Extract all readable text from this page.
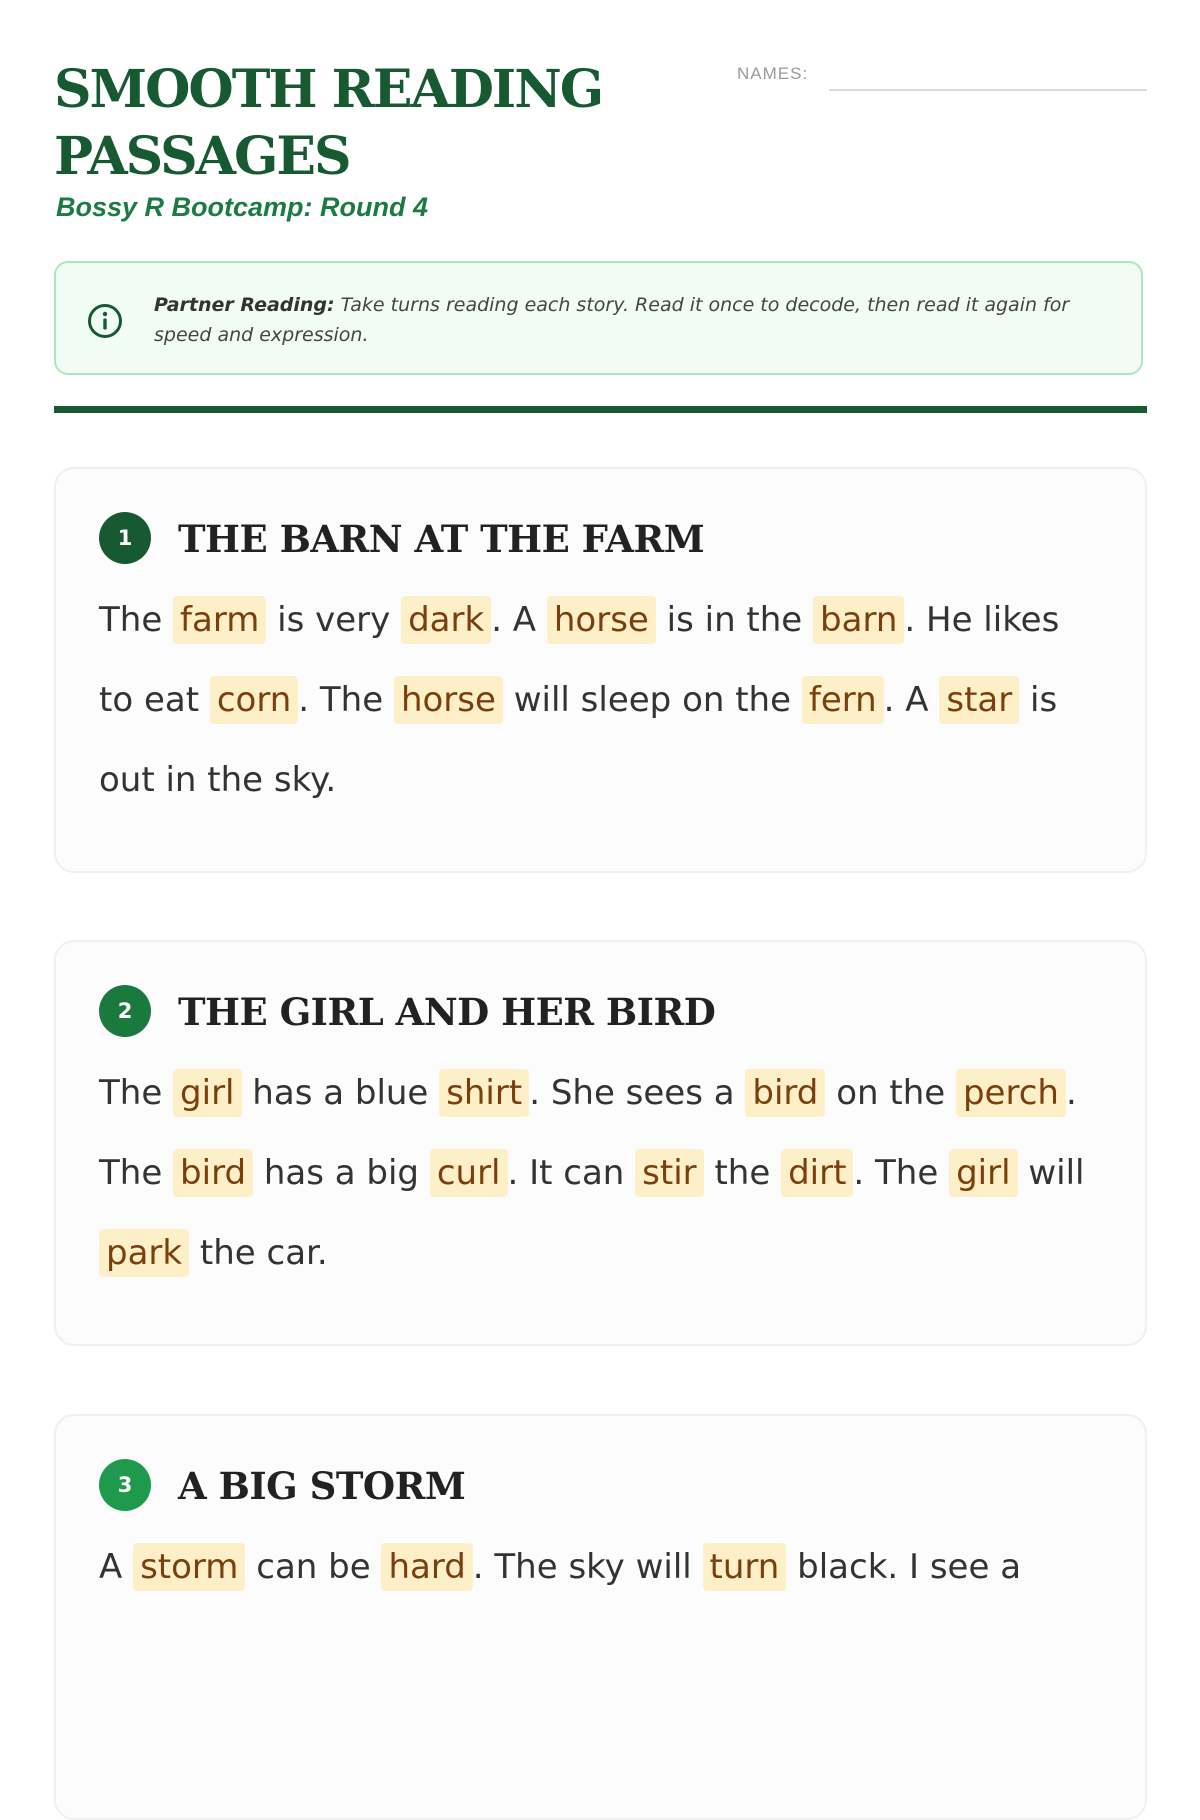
SMOOTH READING PASSAGES
Bossy R Bootcamp: Round 4
NAMES:
Partner Reading: Take turns reading each story. Read it once to decode, then read it again for speed and expression.
1	THE BARN AT THE FARM
The farm is very dark . A horse is in the barn . He likes to eat corn . The horse will sleep on the fern . A star is out in the sky.
2	THE GIRL AND HER BIRD
The girl has a blue shirt . She sees a bird on the perch . The bird has a big curl . It can stir the dirt . The girl will park the car.
3	A BIG STORM
A storm can be hard . The sky will turn black. I see a
